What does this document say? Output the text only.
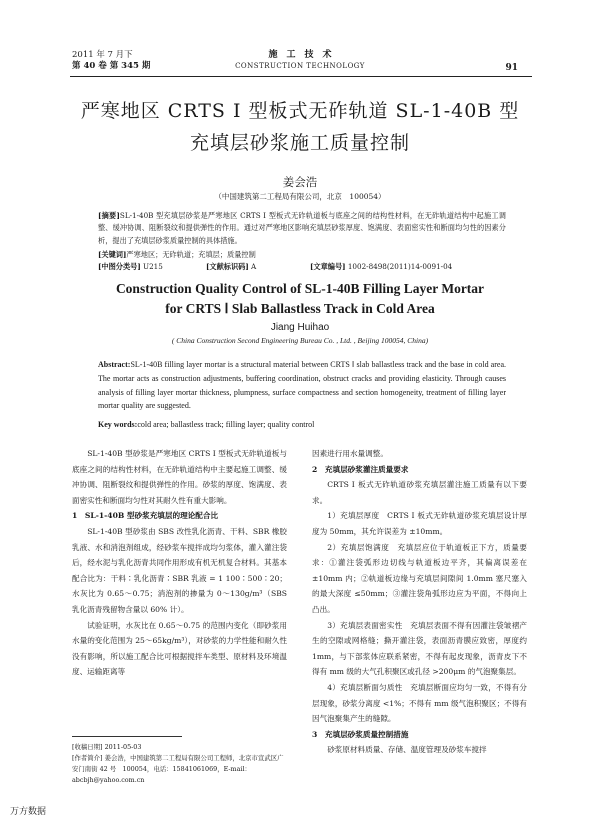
2011 年 7 月下
第 40 卷 第 345 期
施　工　技　术
CONSTRUCTION TECHNOLOGY	91
严寒地区 CRTS Ⅰ 型板式无砟轨道 SL-1-40B 型
充填层砂浆施工质量控制
姜会浩
（中国建筑第二工程局有限公司，北京　100054）
[摘要]SL-1-40B 型充填层砂浆是严寒地区 CRTS Ⅰ 型板式无砟轨道板与底座之间的结构性材料，在无砟轨道结构中起施工调整、缓冲协调、阻断裂纹和提供弹性的作用。通过对严寒地区影响充填层砂浆厚度、饱满度、表面密实性和断面均匀性的因素分析，提出了充填层砂浆质量控制的具体措施。
[关键词]严寒地区；无砟轨道；充填层；质量控制
[中图分类号] U215	[文献标识码] A	[文章编号] 1002-8498(2011)14-0091-04
Construction Quality Control of SL-1-40B Filling Layer Mortar
for CRTS Ⅰ Slab Ballastless Track in Cold Area
Jiang Huihao
( China Construction Second Engineering Bureau Co. , Ltd. , Beijing 100054, China)
Abstract:SL-1-40B filling layer mortar is a structural material between CRTS Ⅰ slab ballastless track and the base in cold area. The mortar acts as construction adjustments, buffering coordination, obstruct cracks and providing elasticity. Through causes analysis of filling layer mortar thickness, plumpness, surface compactness and section homogeneity, treatment of filling layer mortar quality are suggested.
Key words:cold area; ballastless track; filling layer; quality control

SL-1-40B 型砂浆是严寒地区 CRTS Ⅰ 型板式无砟轨道板与底座之间的结构性材料，在无砟轨道结构中主要起施工调整、缓冲协调、阻断裂纹和提供弹性的作用。砂浆的厚度、饱满度、表面密实性和断面均匀性对其耐久性有重大影响。

1　SL-1-40B 型砂浆充填层的理论配合比

SL-1-40B 型砂浆由 SBS 改性乳化沥青、干料、SBR 橡胶乳液、水和消泡剂组成，经砂浆车搅拌成均匀浆体，灌入灌注袋后，经水泥与乳化沥青共同作用形成有机无机复合材料。其基本配合比为：干料∶乳化沥青∶SBR 乳液 = 1 100∶500∶20；水灰比为 0.65～0.75；消泡剂的掺量为 0～130g/m³（SBS 乳化沥青残留物含量以 60% 计）。

试验证明，水灰比在 0.65～0.75 的范围内变化（即砂浆用水量的变化范围为 25～65kg/m³），对砂浆的力学性能和耐久性没有影响，所以施工配合比可根据搅拌车类型、原材料及环境温度、运输距离等

因素进行用水量调整。

2　充填层砂浆灌注质量要求

CRTS Ⅰ 板式无砟轨道砂浆充填层灌注施工质量有以下要求。

1）充填层厚度　CRTS Ⅰ 板式无砟轨道砂浆充填层设计厚度为 50mm，其允许误差为 ±10mm。

2）充填层饱满度　充填层应位于轨道板正下方，质量要求：①灌注袋弧形边切线与轨道板边平齐，其偏离误差在 ±10mm 内；②轨道板边缘与充填层间隙间 1.0mm 塞尺塞入的最大深度 ≤50mm；③灌注袋角弧形边应为平面，不得向上凸出。

3）充填层表面密实性　充填层表面不得有因灌注袋皱褶产生的空隙或网格缝；撕开灌注袋，表面沥青膜应致密，厚度约 1mm，与下部浆体应联系紧密，不得有起皮现象，沥青皮下不得有 mm 级的大气孔积聚区或孔径 >200μm 的气泡聚集层。

4）充填层断面匀质性　充填层断面应均匀一致，不得有分层现象，砂浆分离度 <1%；不得有 mm 级气泡积聚区；不得有因气泡聚集产生的缝隙。

3　充填层砂浆质量控制措施

砂浆原材料质量、存储、温度管理及砂浆车搅拌

[收稿日期] 2011-05-03
[作者简介] 姜会浩，中国建筑第二工程局有限公司工程师，北京市宣武区广安门南街 42 号　100054，电话：15841061069，E-mail：abcbjh@yahoo.com.cn
万方数据
